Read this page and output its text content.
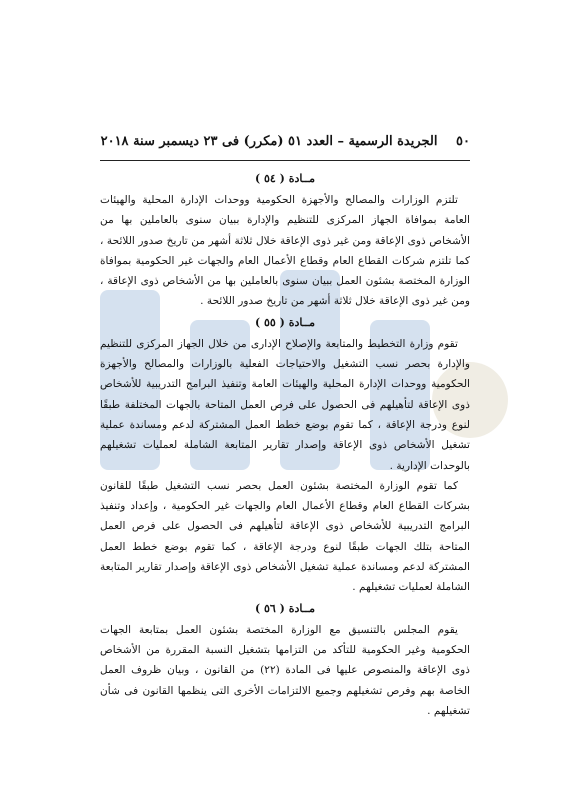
٥٠ الجريدة الرسمية – العدد ٥١ (مكرر) فى ٢٣ ديسمبر سنة ٢٠١٨
مــادة ( ٥٤ )

تلتزم الوزارات والمصالح والأجهزة الحكومية ووحدات الإدارة المحلية والهيئات العامة بموافاة الجهاز المركزى للتنظيم والإدارة ببيان سنوى بالعاملين بها من الأشخاص ذوى الإعاقة ومن غير ذوى الإعاقة خلال ثلاثة أشهر من تاريخ صدور اللائحة ، كما تلتزم شركات القطاع العام وقطاع الأعمال العام والجهات غير الحكومية بموافاة الوزارة المختصة بشئون العمل ببيان سنوى بالعاملين بها من الأشخاص ذوى الإعاقة ، ومن غير ذوى الإعاقة خلال ثلاثة أشهر من تاريخ صدور اللائحة .

مــادة ( ٥٥ )

تقوم وزارة التخطيط والمتابعة والإصلاح الإدارى من خلال الجهاز المركزى للتنظيم والإدارة بحصر نسب التشغيل والاحتياجات الفعلية بالوزارات والمصالح والأجهزة الحكومية ووحدات الإدارة المحلية والهيئات العامة وتنفيذ البرامج التدريبية للأشخاص ذوى الإعاقة لتأهيلهم فى الحصول على فرص العمل المتاحة بالجهات المختلفة طبقًا لنوع ودرجة الإعاقة ، كما تقوم بوضع خطط العمل المشتركة لدعم ومساندة عملية تشغيل الأشخاص ذوى الإعاقة وإصدار تقارير المتابعة الشاملة لعمليات تشغيلهم بالوحدات الإدارية .

كما تقوم الوزارة المختصة بشئون العمل بحصر نسب التشغيل طبقًا للقانون بشركات القطاع العام وقطاع الأعمال العام والجهات غير الحكومية ، وإعداد وتنفيذ البرامج التدريبية للأشخاص ذوى الإعاقة لتأهيلهم فى الحصول على فرص العمل المتاحة بتلك الجهات طبقًا لنوع ودرجة الإعاقة ، كما تقوم بوضع خطط العمل المشتركة لدعم ومساندة عملية تشغيل الأشخاص ذوى الإعاقة وإصدار تقارير المتابعة الشاملة لعمليات تشغيلهم .

مــادة ( ٥٦ )

يقوم المجلس بالتنسيق مع الوزارة المختصة بشئون العمل بمتابعة الجهات الحكومية وغير الحكومية للتأكد من التزامها بتشغيل النسبة المقررة من الأشخاص ذوى الإعاقة والمنصوص عليها فى المادة (٢٢) من القانون ، وبيان ظروف العمل الخاصة بهم وفرص تشغيلهم وجميع الالتزامات الأخرى التى ينظمها القانون فى شأن تشغيلهم .
